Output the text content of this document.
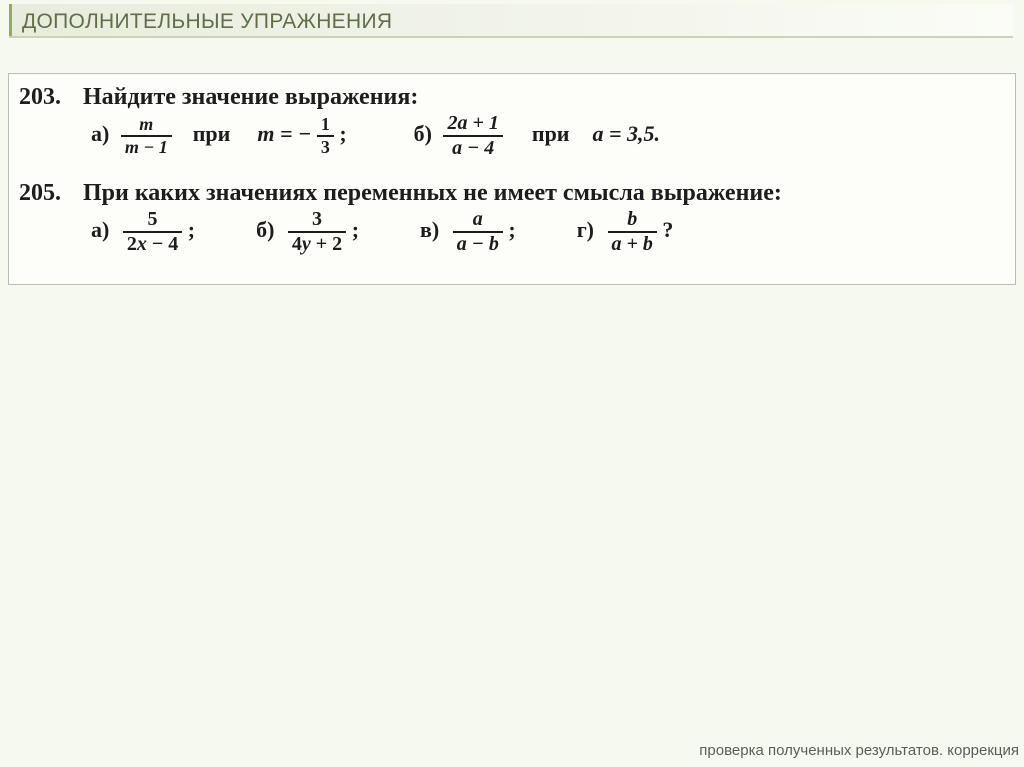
ДОПОЛНИТЕЛЬНЫЕ УПРАЖНЕНИЯ
203. Найдите значение выражения:
$а) \frac{m}{m - 1}$ при m = − $\frac{1}{3}$ ;	$б) \frac{2a + 1}{a - 4}$ при a = 3,5.
205. При каких значениях переменных не имеет смысла выражение:
$а) \frac{5}{2x - 4}$ ;	$б) \frac{3}{4y + 2}$ ;	$в) \frac{a}{a - b}$ ;	$г) \frac{b}{a + b}$ ?
проверка полученных результатов. коррекция
